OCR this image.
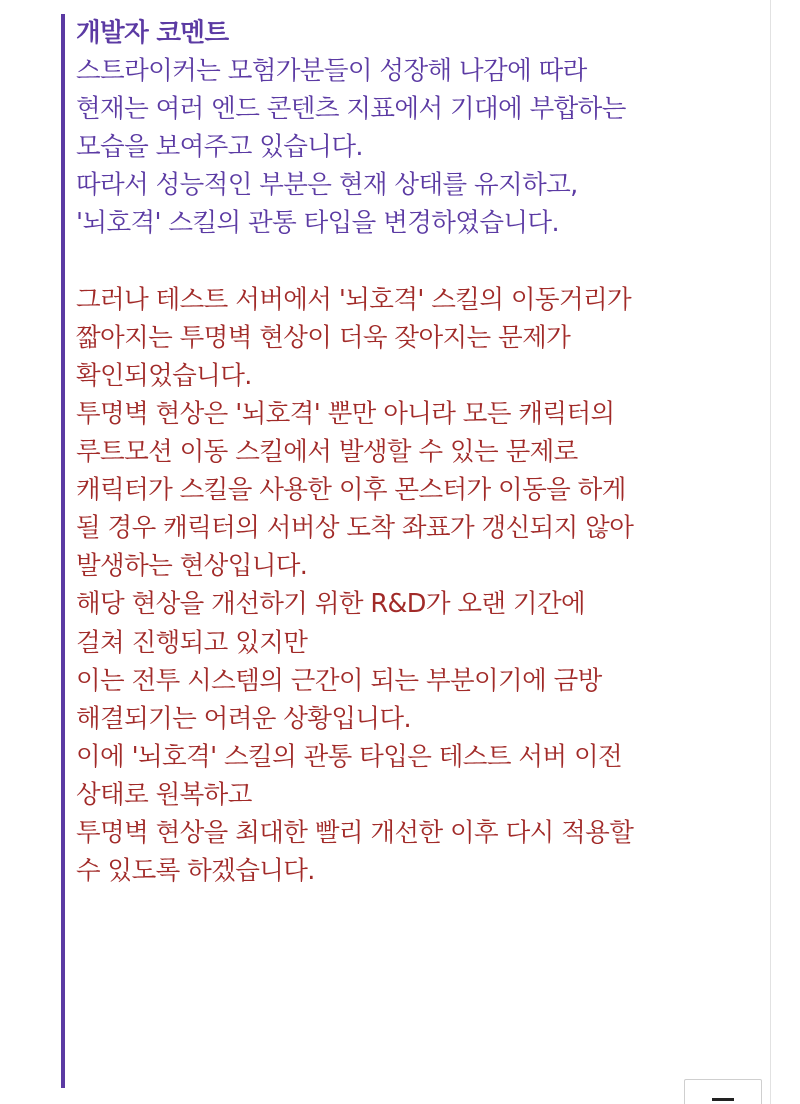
개발자 코멘트
스트라이커는 모험가분들이 성장해 나감에 따라
현재는 여러 엔드 콘텐츠 지표에서 기대에 부합하는
모습을 보여주고 있습니다.
따라서 성능적인 부분은 현재 상태를 유지하고,
'뇌호격' 스킬의 관통 타입을 변경하였습니다.
그러나 테스트 서버에서 '뇌호격' 스킬의 이동거리가
짧아지는 투명벽 현상이 더욱 잦아지는 문제가
확인되었습니다.
투명벽 현상은 '뇌호격' 뿐만 아니라 모든 캐릭터의
루트모션 이동 스킬에서 발생할 수 있는 문제로
캐릭터가 스킬을 사용한 이후 몬스터가 이동을 하게
될 경우 캐릭터의 서버상 도착 좌표가 갱신되지 않아
발생하는 현상입니다.
해당 현상을 개선하기 위한 R&D가 오랜 기간에
걸쳐 진행되고 있지만
이는 전투 시스템의 근간이 되는 부분이기에 금방
해결되기는 어려운 상황입니다.
이에 '뇌호격' 스킬의 관통 타입은 테스트 서버 이전
상태로 원복하고
투명벽 현상을 최대한 빨리 개선한 이후 다시 적용할
수 있도록 하겠습니다.
